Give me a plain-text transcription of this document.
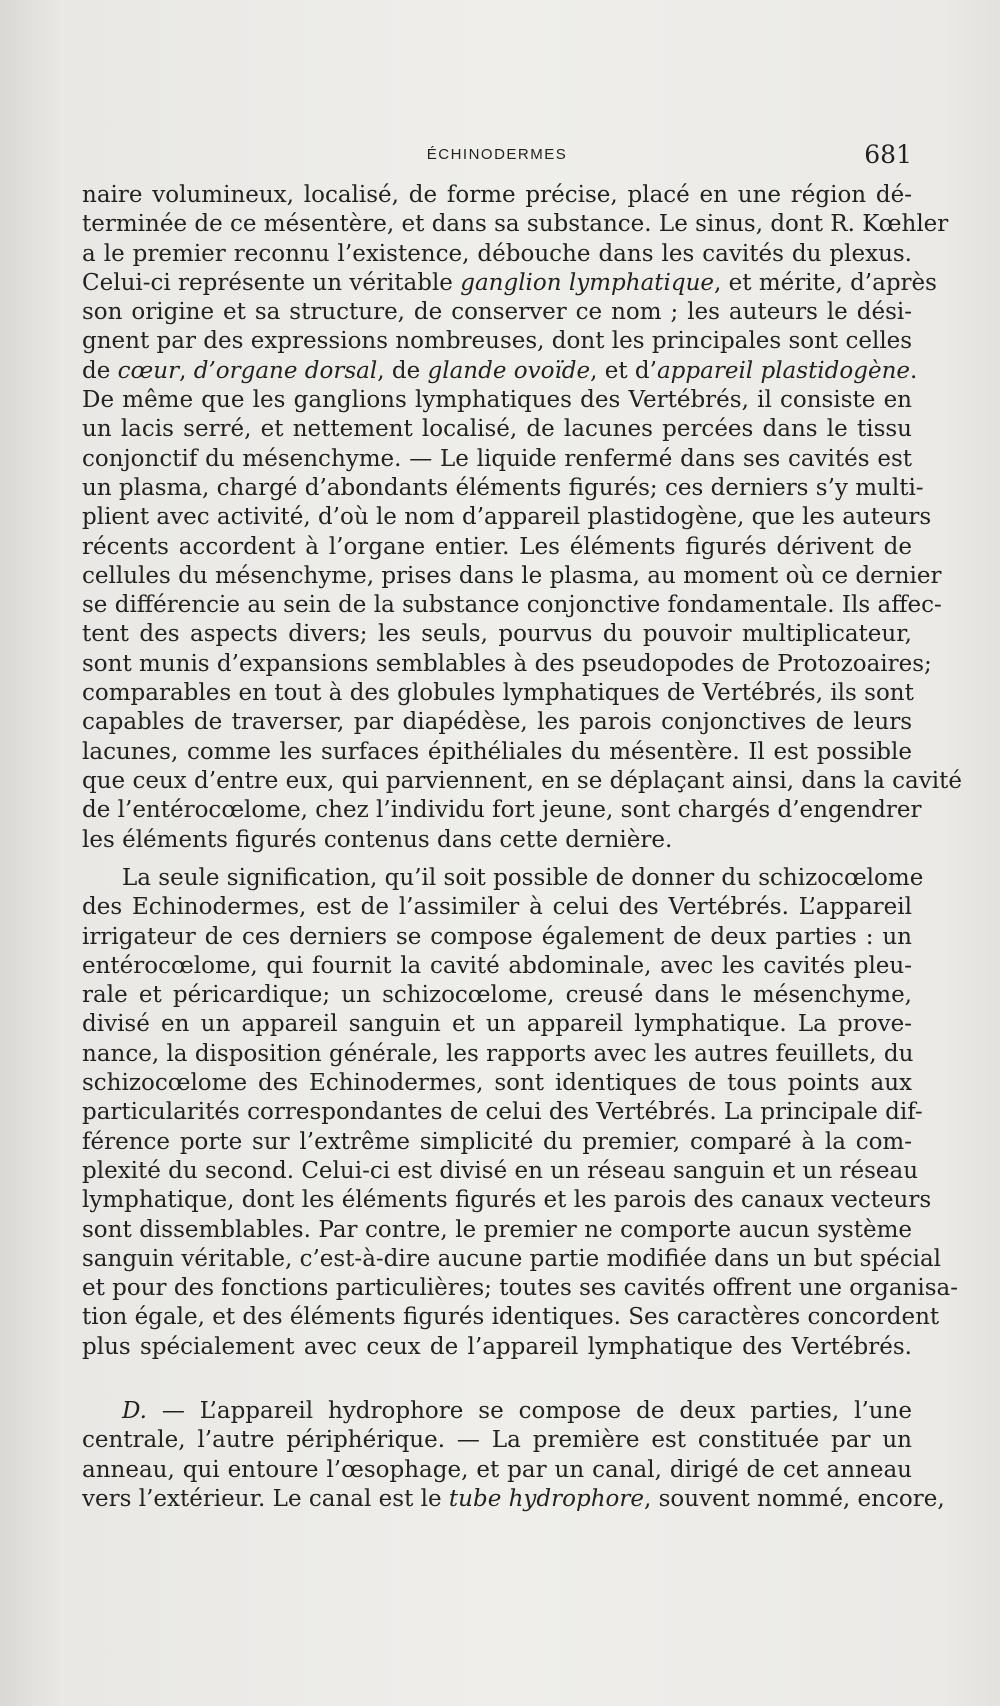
ÉCHINODERMES	681
naire volumineux, localisé, de forme précise, placé en une région dé-
terminée de ce mésentère, et dans sa substance. Le sinus, dont R. Kœhler
a le premier reconnu l’existence, débouche dans les cavités du plexus.
Celui-ci représente un véritable ganglion lymphatique, et mérite, d’après
son origine et sa structure, de conserver ce nom ; les auteurs le dési-
gnent par des expressions nombreuses, dont les principales sont celles
de cœur, d’organe dorsal, de glande ovoïde, et d’appareil plastidogène.
De même que les ganglions lymphatiques des Vertébrés, il consiste en
un lacis serré, et nettement localisé, de lacunes percées dans le tissu
conjonctif du mésenchyme. — Le liquide renfermé dans ses cavités est
un plasma, chargé d’abondants éléments figurés; ces derniers s’y multi-
plient avec activité, d’où le nom d’appareil plastidogène, que les auteurs
récents accordent à l’organe entier. Les éléments figurés dérivent de
cellules du mésenchyme, prises dans le plasma, au moment où ce dernier
se différencie au sein de la substance conjonctive fondamentale. Ils affec-
tent des aspects divers; les seuls, pourvus du pouvoir multiplicateur,
sont munis d’expansions semblables à des pseudopodes de Protozoaires;
comparables en tout à des globules lymphatiques de Vertébrés, ils sont
capables de traverser, par diapédèse, les parois conjonctives de leurs
lacunes, comme les surfaces épithéliales du mésentère. Il est possible
que ceux d’entre eux, qui parviennent, en se déplaçant ainsi, dans la cavité
de l’entérocœlome, chez l’individu fort jeune, sont chargés d’engendrer
les éléments figurés contenus dans cette dernière.
La seule signification, qu’il soit possible de donner du schizocœlome
des Echinodermes, est de l’assimiler à celui des Vertébrés. L’appareil
irrigateur de ces derniers se compose également de deux parties : un
entérocœlome, qui fournit la cavité abdominale, avec les cavités pleu-
rale et péricardique; un schizocœlome, creusé dans le mésenchyme,
divisé en un appareil sanguin et un appareil lymphatique. La prove-
nance, la disposition générale, les rapports avec les autres feuillets, du
schizocœlome des Echinodermes, sont identiques de tous points aux
particularités correspondantes de celui des Vertébrés. La principale dif-
férence porte sur l’extrême simplicité du premier, comparé à la com-
plexité du second. Celui-ci est divisé en un réseau sanguin et un réseau
lymphatique, dont les éléments figurés et les parois des canaux vecteurs
sont dissemblables. Par contre, le premier ne comporte aucun système
sanguin véritable, c’est-à-dire aucune partie modifiée dans un but spécial
et pour des fonctions particulières; toutes ses cavités offrent une organisa-
tion égale, et des éléments figurés identiques. Ses caractères concordent
plus spécialement avec ceux de l’appareil lymphatique des Vertébrés.
D. — L’appareil hydrophore se compose de deux parties, l’une
centrale, l’autre périphérique. — La première est constituée par un
anneau, qui entoure l’œsophage, et par un canal, dirigé de cet anneau
vers l’extérieur. Le canal est le tube hydrophore, souvent nommé, encore,
